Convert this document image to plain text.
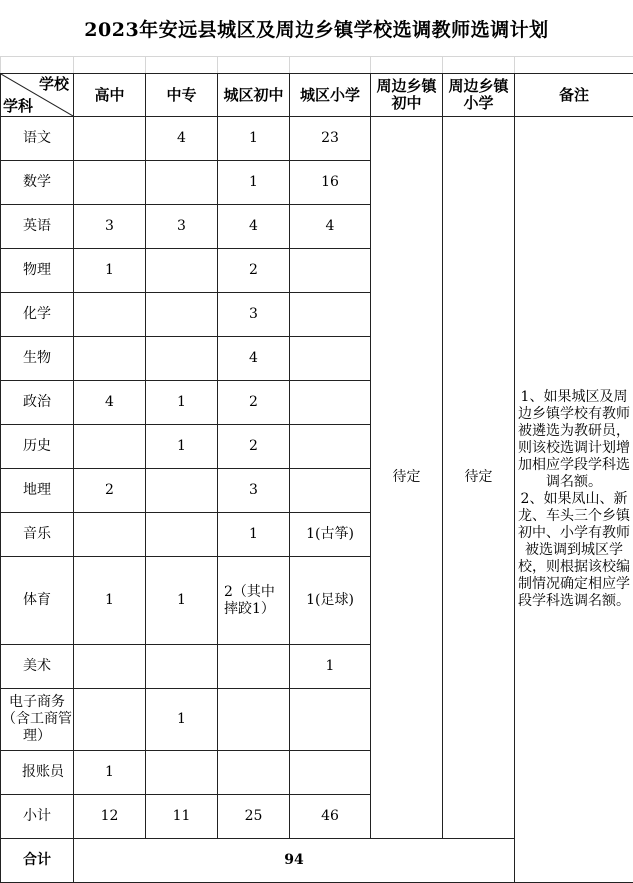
2023年安远县城区及周边乡镇学校选调教师选调计划

学校
学科	高中	中专	城区初中	城区小学	周边乡镇初中	周边乡镇小学	备注
语文		4	1	23	待定	待定	1、如果城区及周边乡镇学校有教师被遴选为教研员，则该校选调计划增加相应学段学科选调名额。
2、如果凤山、新龙、车头三个乡镇初中、小学有教师被选调到城区学校，则根据该校编制情况确定相应学段学科选调名额。

数学			1	16			
英语	3	3	4	4			
物理	1		2				
化学			3				
生物			4				
政治	4	1	2				
历史		1	2				
地理	2		3				
音乐			1	1(古筝)			
体育	1	1	2（其中摔跤1）	1(足球)			
美术				1			
电子商务（含工商管理）		1					
报账员	1						
小计	12	11	25	46			
合计	94						
